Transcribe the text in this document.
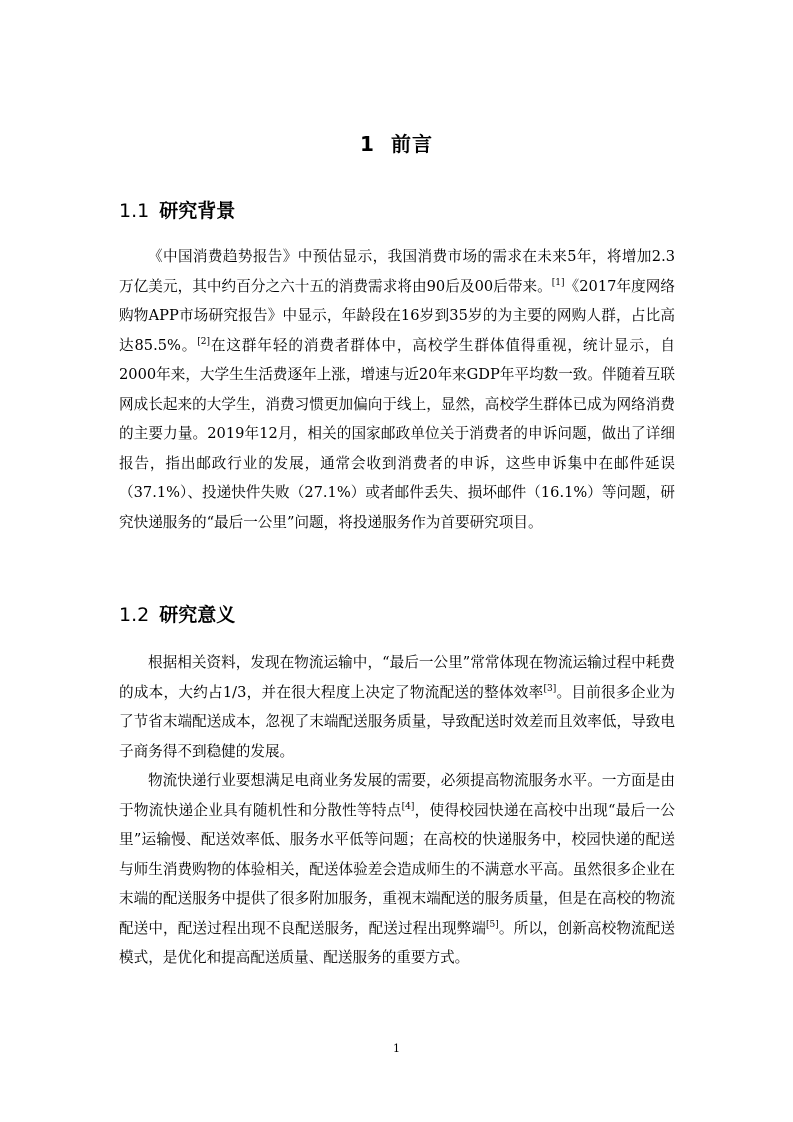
1 前言
1.1 研究背景

《中国消费趋势报告》中预估显示，我国消费市场的需求在未来5年，将增加2.3万亿美元，其中约百分之六十五的消费需求将由90后及00后带来。[1]《2017年度网络购物APP市场研究报告》中显示，年龄段在16岁到35岁的为主要的网购人群，占比高达85.5%。[2]在这群年轻的消费者群体中，高校学生群体值得重视，统计显示，自2000年来，大学生生活费逐年上涨，增速与近20年来GDP年平均数一致。伴随着互联网成长起来的大学生，消费习惯更加偏向于线上，显然，高校学生群体已成为网络消费的主要力量。2019年12月，相关的国家邮政单位关于消费者的申诉问题，做出了详细报告，指出邮政行业的发展，通常会收到消费者的申诉，这些申诉集中在邮件延误（37.1%）、投递快件失败（27.1%）或者邮件丢失、损坏邮件（16.1%）等问题，研究快递服务的“最后一公里”问题，将投递服务作为首要研究项目。

1.2 研究意义

根据相关资料，发现在物流运输中，“最后一公里”常常体现在物流运输过程中耗费的成本，大约占1/3，并在很大程度上决定了物流配送的整体效率[3]。目前很多企业为了节省末端配送成本，忽视了末端配送服务质量，导致配送时效差而且效率低，导致电子商务得不到稳健的发展。

物流快递行业要想满足电商业务发展的需要，必须提高物流服务水平。一方面是由于物流快递企业具有随机性和分散性等特点[4]，使得校园快递在高校中出现“最后一公里”运输慢、配送效率低、服务水平低等问题；在高校的快递服务中，校园快递的配送与师生消费购物的体验相关，配送体验差会造成师生的不满意水平高。虽然很多企业在末端的配送服务中提供了很多附加服务，重视末端配送的服务质量，但是在高校的物流配送中，配送过程出现不良配送服务，配送过程出现弊端[5]。所以，创新高校物流配送模式，是优化和提高配送质量、配送服务的重要方式。

1
